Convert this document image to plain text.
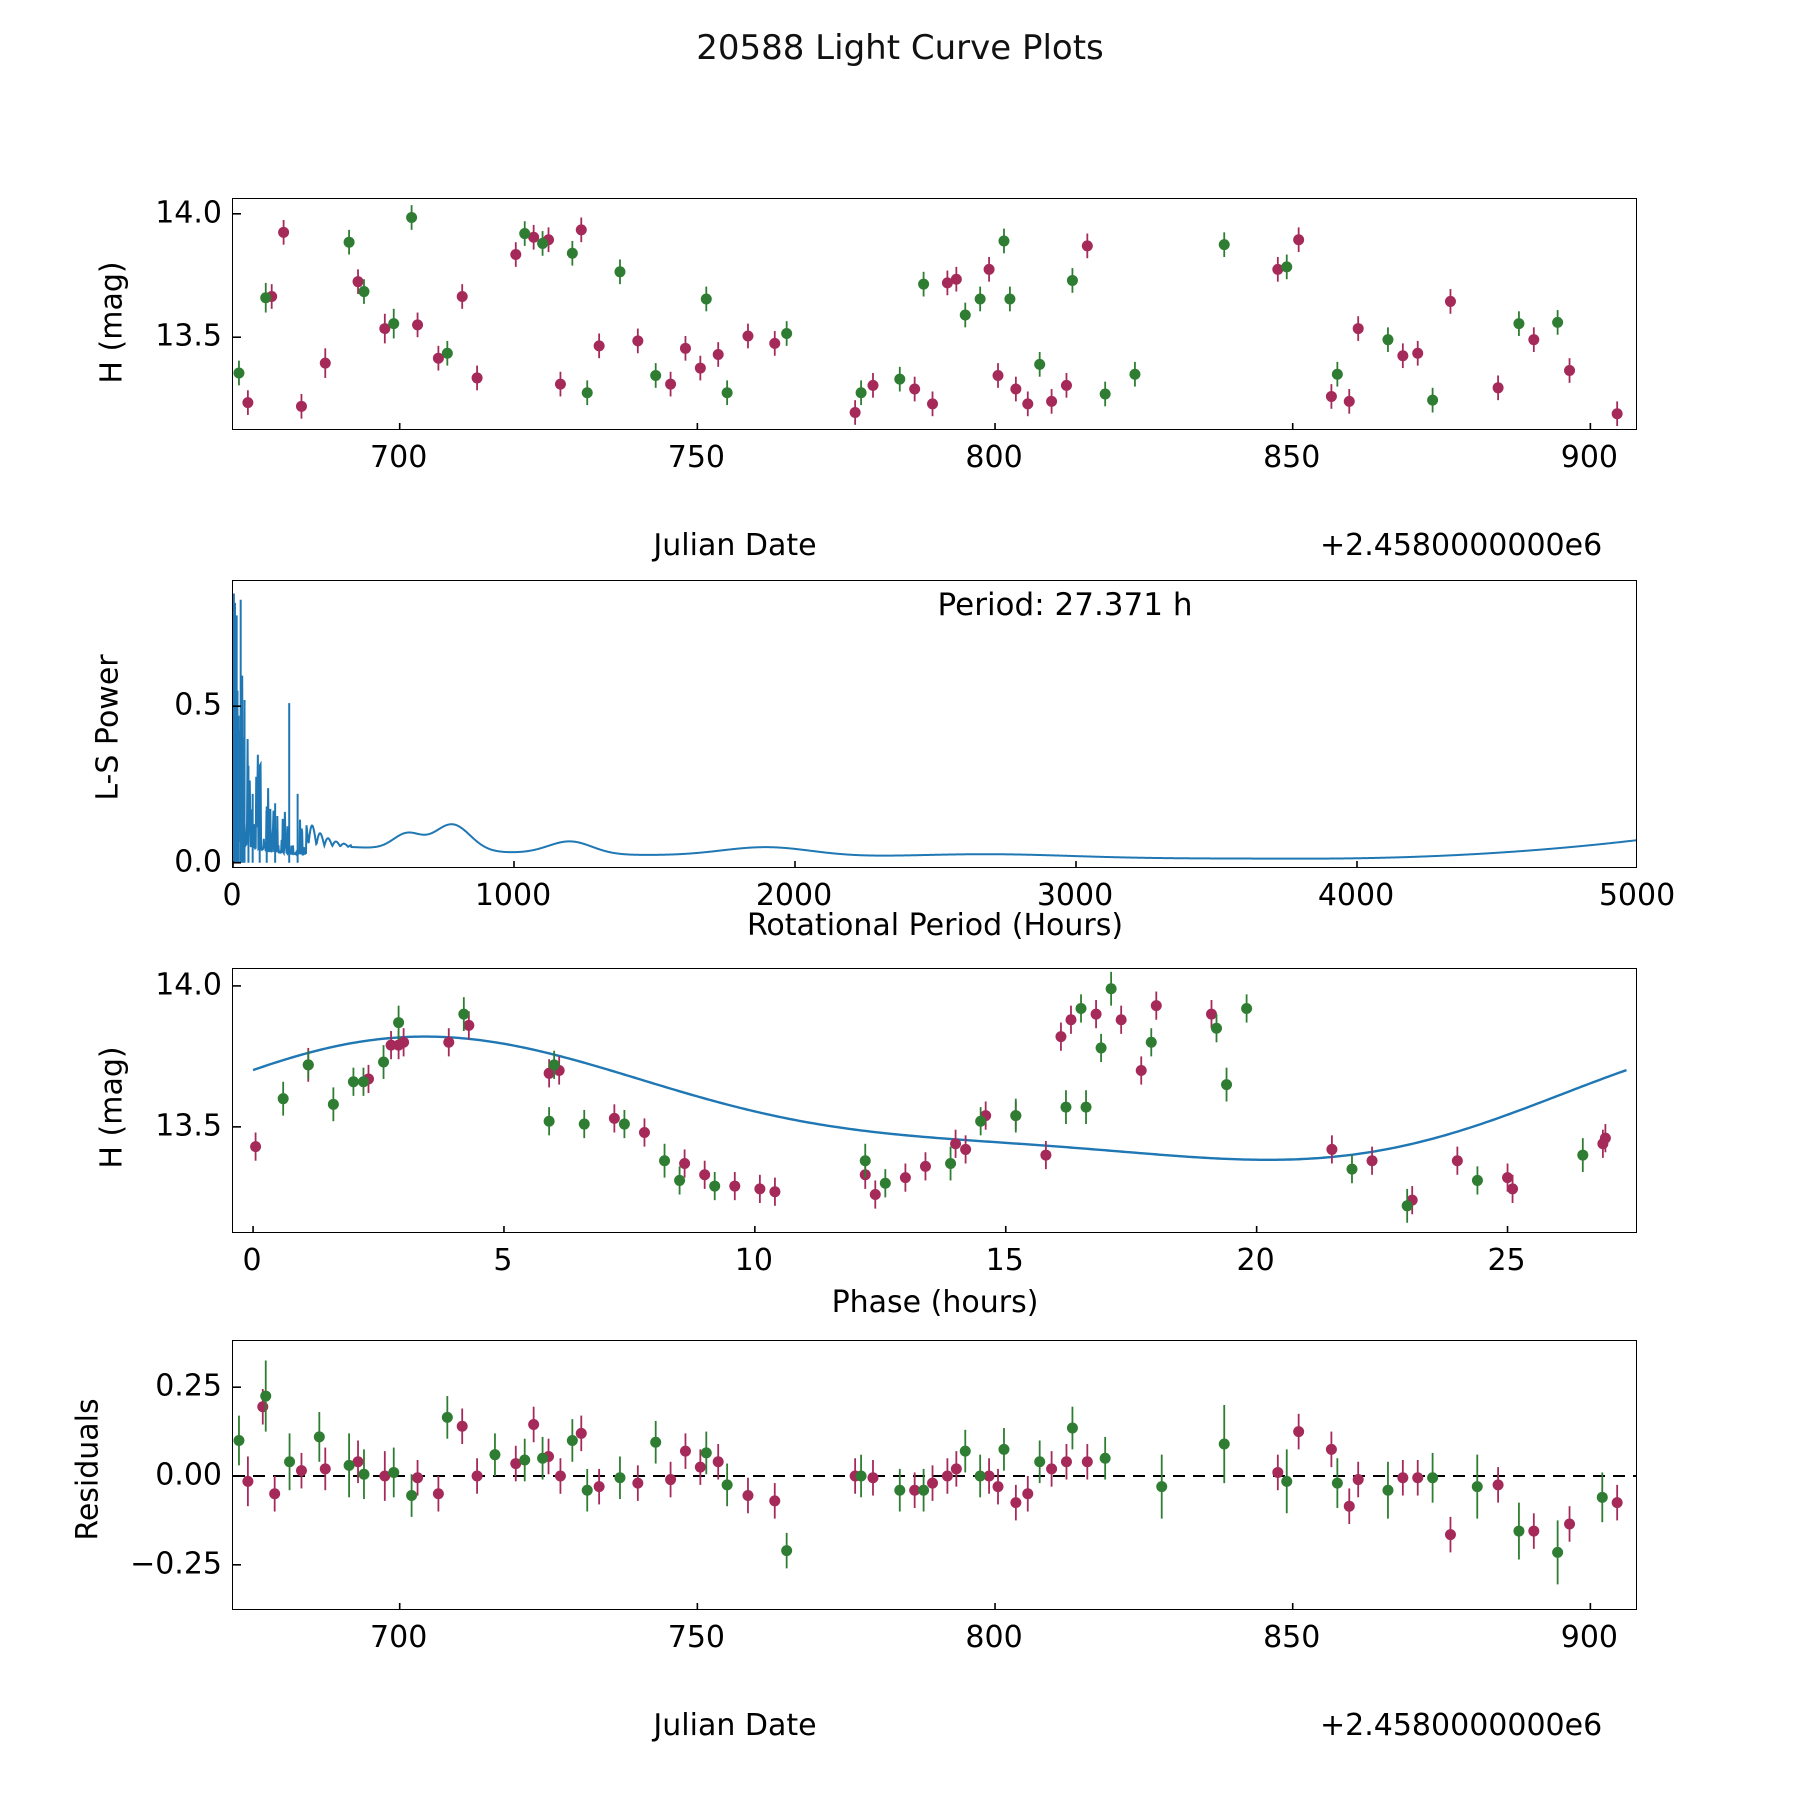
20588 Light Curve Plots
H (mag)
Julian Date	+2.4580000000e6
L-S Power
Rotational Period (Hours)
Period: 27.371 h
H (mag)
Phase (hours)
Residuals
Julian Date	+2.4580000000e6
700	750	800	850	900
13.5
14.0
0	1000	2000	3000	4000	5000
0.0
0.5
0	5	10	15	20	25
13.5
14.0
700	750	800	850	900
−0.25
0.00
0.25
